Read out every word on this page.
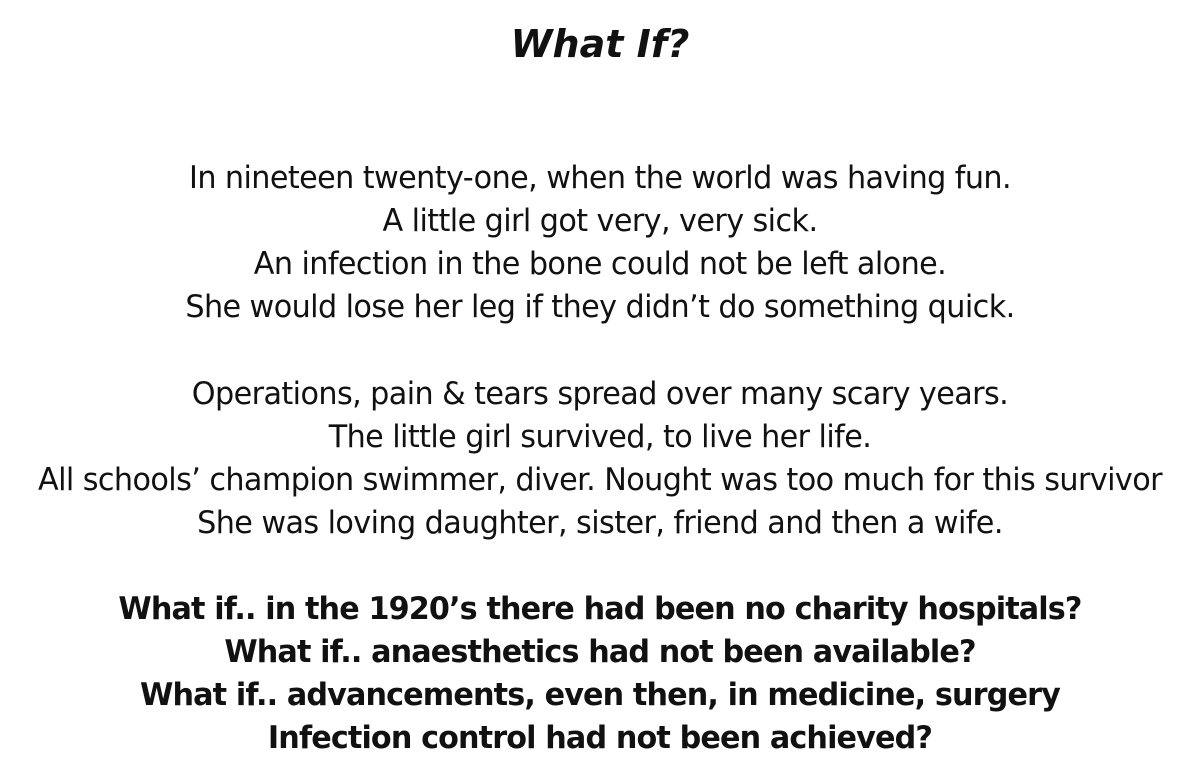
What If?
In nineteen twenty-one, when the world was having fun.
A little girl got very, very sick.
An infection in the bone could not be left alone.
She would lose her leg if they didn’t do something quick.
Operations, pain & tears spread over many scary years.
The little girl survived, to live her life.
All schools’ champion swimmer, diver. Nought was too much for this survivor
She was loving daughter, sister, friend and then a wife.
What if.. in the 1920’s there had been no charity hospitals?
What if.. anaesthetics had not been available?
What if.. advancements, even then, in medicine, surgery
Infection control had not been achieved?
